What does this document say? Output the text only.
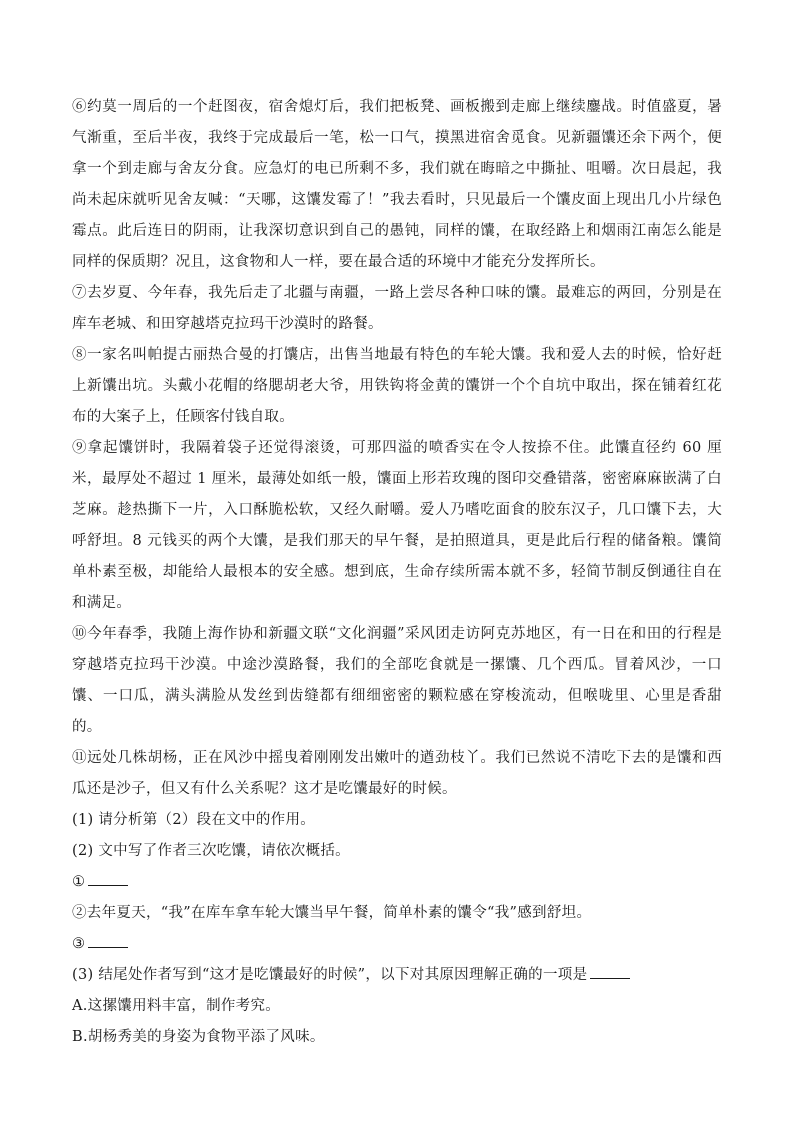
⑥约莫一周后的一个赶图夜，宿舍熄灯后，我们把板凳、画板搬到走廊上继续鏖战。时值盛夏，暑气渐重，至后半夜，我终于完成最后一笔，松一口气，摸黑进宿舍觅食。见新疆馕还余下两个，便拿一个到走廊与舍友分食。应急灯的电已所剩不多，我们就在晦暗之中撕扯、咀嚼。次日晨起，我尚未起床就听见舍友喊：“天哪，这馕发霉了！”我去看时，只见最后一个馕皮面上现出几小片绿色霉点。此后连日的阴雨，让我深切意识到自己的愚钝，同样的馕，在取经路上和烟雨江南怎么能是同样的保质期？况且，这食物和人一样，要在最合适的环境中才能充分发挥所长。

⑦去岁夏、今年春，我先后走了北疆与南疆，一路上尝尽各种口味的馕。最难忘的两回，分别是在库车老城、和田穿越塔克拉玛干沙漠时的路餐。

⑧一家名叫帕提古丽热合曼的打馕店，出售当地最有特色的车轮大馕。我和爱人去的时候，恰好赶上新馕出坑。头戴小花帽的络腮胡老大爷，用铁钩将金黄的馕饼一个个自坑中取出，探在铺着红花布的大案子上，任顾客付钱自取。

⑨拿起馕饼时，我隔着袋子还觉得滚烫，可那四溢的喷香实在令人按捺不住。此馕直径约 60 厘米，最厚处不超过 1 厘米，最薄处如纸一般，馕面上形若玫瑰的图印交叠错落，密密麻麻嵌满了白芝麻。趁热撕下一片，入口酥脆松软，又经久耐嚼。爱人乃嗜吃面食的胶东汉子，几口馕下去，大呼舒坦。8 元钱买的两个大馕，是我们那天的早午餐，是拍照道具，更是此后行程的储备粮。馕简单朴素至极，却能给人最根本的安全感。想到底，生命存续所需本就不多，轻简节制反倒通往自在和满足。

⑩今年春季，我随上海作协和新疆文联“文化润疆”采风团走访阿克苏地区，有一日在和田的行程是穿越塔克拉玛干沙漠。中途沙漠路餐，我们的全部吃食就是一摞馕、几个西瓜。冒着风沙，一口馕、一口瓜，满头满脸从发丝到齿缝都有细细密密的颗粒感在穿梭流动，但喉咙里、心里是香甜的。

⑪远处几株胡杨，正在风沙中摇曳着刚刚发出嫩叶的遒劲枝丫。我们已然说不清吃下去的是馕和西瓜还是沙子，但又有什么关系呢？这才是吃馕最好的时候。

(1) 请分析第（2）段在文中的作用。

(2) 文中写了作者三次吃馕，请依次概括。

①

②去年夏天，“我”在库车拿车轮大馕当早午餐，简单朴素的馕令“我”感到舒坦。

③

(3) 结尾处作者写到“这才是吃馕最好的时候”，以下对其原因理解正确的一项是

A.这摞馕用料丰富，制作考究。

B.胡杨秀美的身姿为食物平添了风味。
